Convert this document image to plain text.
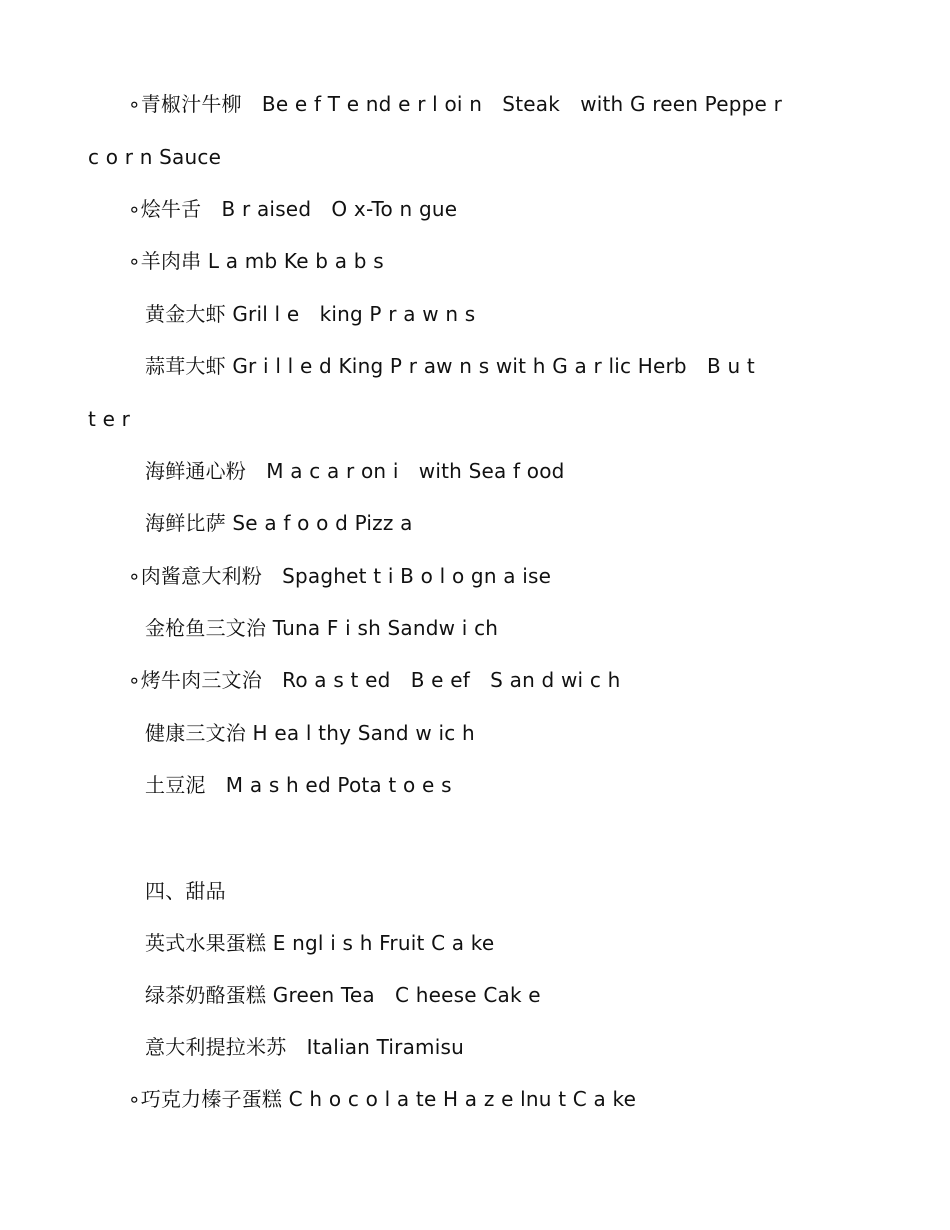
∘青椒汁牛柳　Be e f T e nd e r l oi n　Steak　with G reen Peppe r
c o r n Sauce
∘烩牛舌　B r aised　O x-To n gue
∘羊肉串 L a mb Ke b a b s
黄金大虾 Gril l e　king P r a w n s
蒜茸大虾 Gr i l l e d King P r aw n s wit h G a r lic Herb　B u t
t e r
海鲜通心粉　M a c a r on i　with Sea f ood
海鲜比萨 Se a f o o d Pizz a
∘肉酱意大利粉　Spaghet t i B o l o gn a ise
金枪鱼三文治 Tuna F i sh Sandw i ch
∘烤牛肉三文治　Ro a s t ed　B e ef　S an d wi c h
健康三文治 H ea l thy Sand w ic h
土豆泥　M a s h ed Pota t o e s
四、甜品
英式水果蛋糕 E ngl i s h Fruit C a ke
绿茶奶酪蛋糕 Green Tea　C heese Cak e
意大利提拉米苏　Italian Tiramisu
∘巧克力榛子蛋糕 C h o c o l a te H a z e lnu t C a ke
